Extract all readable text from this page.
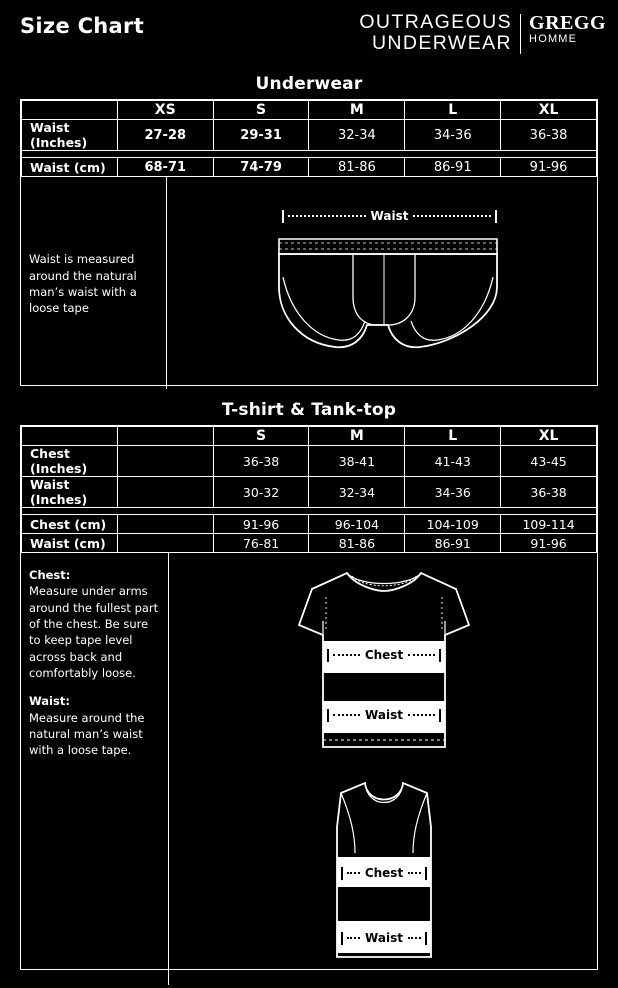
Size Chart	OUTRAGEOUS
UNDERWEAR
GREGG
HOMME
Underwear
	XS	S	M	L	XL
Waist (Inches)	27-28	29-31	32-34	34-36	36-38

Waist (cm)	68-71	74-79	81-86	86-91	91-96
Waist is measured around the natural man’s waist with a loose tape
Waist
T-shirt & Tank-top
		S	M	L	XL
Chest (Inches)		36-38	38-41	41-43	43-45
Waist (Inches)		30-32	32-34	34-36	36-38

Chest (cm)		91-96	96-104	104-109	109-114
Waist (cm)		76-81	81-86	86-91	91-96
Chest:
Measure under arms around the fullest part of the chest. Be sure to keep tape level across back and comfortably loose.
Waist:
Measure around the natural man’s waist with a loose tape.
Chest
Waist
Chest
Waist
